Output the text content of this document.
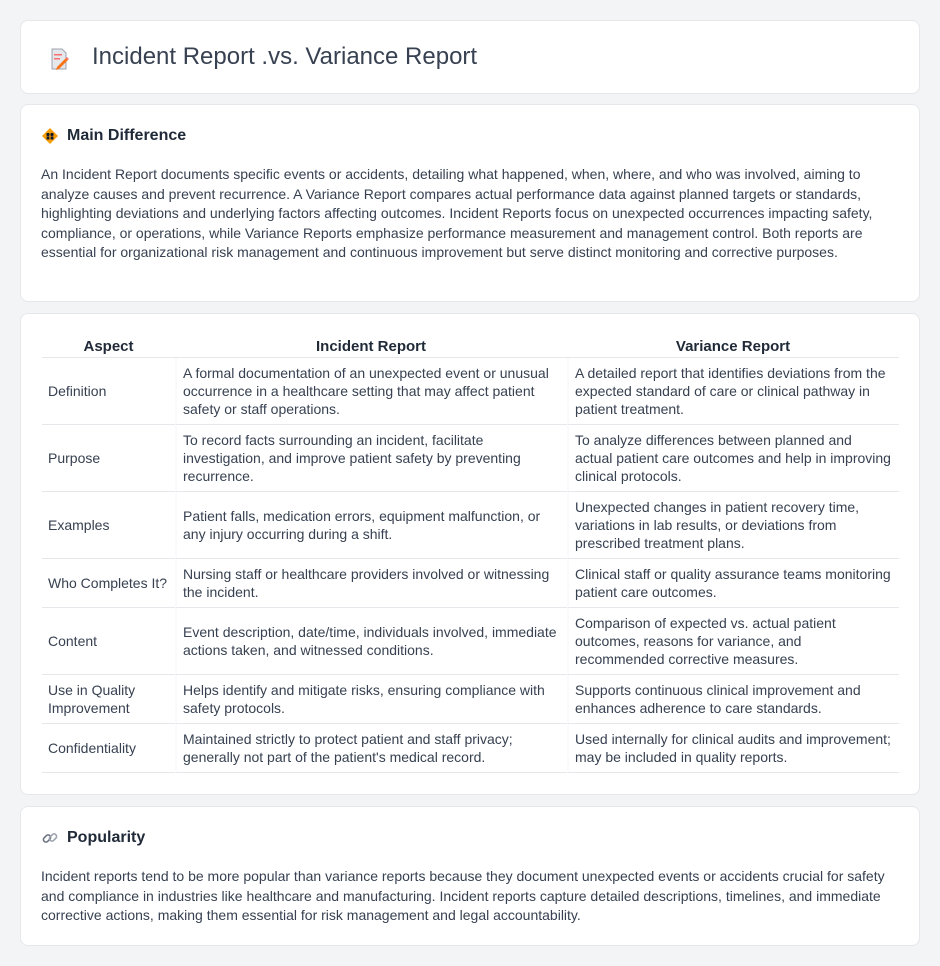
Incident Report .vs. Variance Report
Main Difference

An Incident Report documents specific events or accidents, detailing what happened, when, where, and who was involved, aiming to analyze causes and prevent recurrence. A Variance Report compares actual performance data against planned targets or standards, highlighting deviations and underlying factors affecting outcomes. Incident Reports focus on unexpected occurrences impacting safety, compliance, or operations, while Variance Reports emphasize performance measurement and management control. Both reports are essential for organizational risk management and continuous improvement but serve distinct monitoring and corrective purposes.

Aspect	Incident Report	Variance Report
Definition	A formal documentation of an unexpected event or unusual occurrence in a healthcare setting that may affect patient safety or staff operations.	A detailed report that identifies deviations from the expected standard of care or clinical pathway in patient treatment.
Purpose	To record facts surrounding an incident, facilitate investigation, and improve patient safety by preventing recurrence.	To analyze differences between planned and actual patient care outcomes and help in improving clinical protocols.
Examples	Patient falls, medication errors, equipment malfunction, or any injury occurring during a shift.	Unexpected changes in patient recovery time, variations in lab results, or deviations from prescribed treatment plans.
Who Completes It?	Nursing staff or healthcare providers involved or witnessing the incident.	Clinical staff or quality assurance teams monitoring patient care outcomes.
Content	Event description, date/time, individuals involved, immediate actions taken, and witnessed conditions.	Comparison of expected vs. actual patient outcomes, reasons for variance, and recommended corrective measures.
Use in Quality Improvement	Helps identify and mitigate risks, ensuring compliance with safety protocols.	Supports continuous clinical improvement and enhances adherence to care standards.
Confidentiality	Maintained strictly to protect patient and staff privacy; generally not part of the patient's medical record.	Used internally for clinical audits and improvement; may be included in quality reports.
Popularity

Incident reports tend to be more popular than variance reports because they document unexpected events or accidents crucial for safety and compliance in industries like healthcare and manufacturing. Incident reports capture detailed descriptions, timelines, and immediate corrective actions, making them essential for risk management and legal accountability.
